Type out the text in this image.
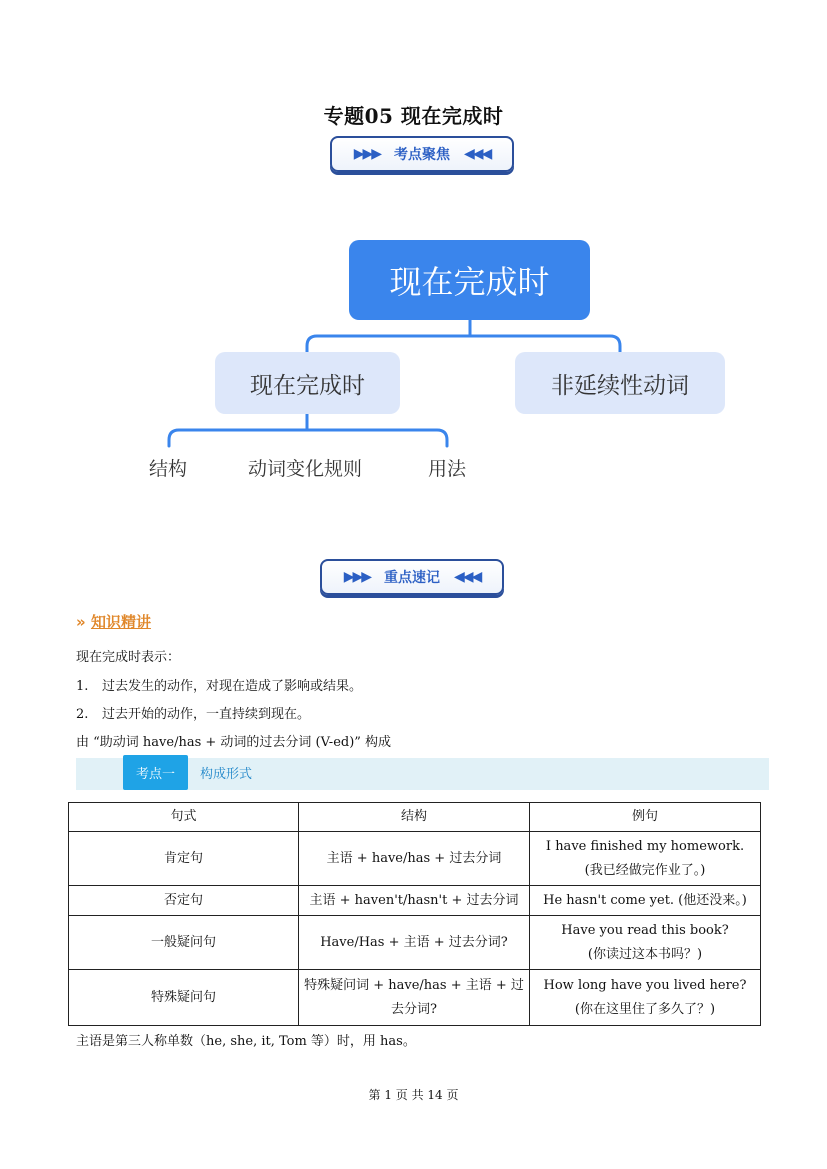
专题05 现在完成时
▶▶▶ 考点聚焦 ◀◀◀
现在完成时
现在完成时	非延续性动词
结构	动词变化规则	用法
▶▶▶ 重点速记 ◀◀◀
» 知识精讲
现在完成时表示：
1. 过去发生的动作，对现在造成了影响或结果。
2. 过去开始的动作，一直持续到现在。
由 “助动词 have/has + 动词的过去分词 (V-ed)” 构成
考点一	构成形式
句式	结构	例句
肯定句	主语 + have/has + 过去分词	I have finished my homework.
(我已经做完作业了。)

否定句	主语 + haven't/hasn't + 过去分词	He hasn't come yet. (他还没来。)

一般疑问句	Have/Has + 主语 + 过去分词?	Have you read this book?
(你读过这本书吗？)

特殊疑问句	特殊疑问词 + have/has + 主语 + 过去分词?	How long have you lived here?
(你在这里住了多久了？)
主语是第三人称单数（he, she, it, Tom 等）时，用 has。
第 1 页 共 14 页
